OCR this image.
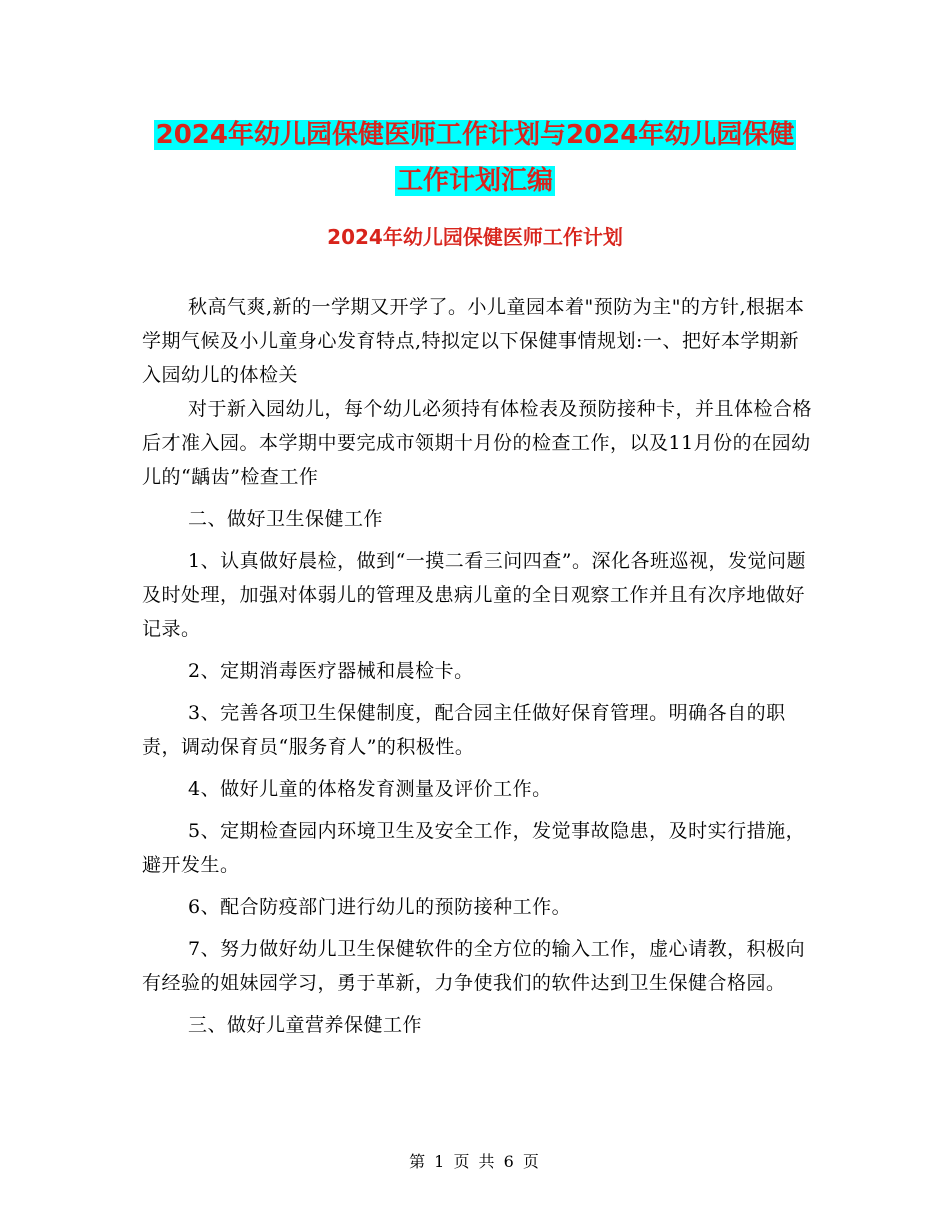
2024年幼儿园保健医师工作计划与2024年幼儿园保健
工作计划汇编
2024年幼儿园保健医师工作计划

秋高气爽,新的一学期又开学了。小儿童园本着"预防为主"的方针,根据本学期气候及小儿童身心发育特点,特拟定以下保健事情规划:一、把好本学期新入园幼儿的体检关

对于新入园幼儿，每个幼儿必须持有体检表及预防接种卡，并且体检合格后才准入园。本学期中要完成市领期十月份的检查工作，以及11月份的在园幼儿的“龋齿”检查工作

二、做好卫生保健工作

1、认真做好晨检，做到“一摸二看三问四查”。深化各班巡视，发觉问题及时处理，加强对体弱儿的管理及患病儿童的全日观察工作并且有次序地做好记录。

2、定期消毒医疗器械和晨检卡。

3、完善各项卫生保健制度，配合园主任做好保育管理。明确各自的职责，调动保育员“服务育人”的积极性。

4、做好儿童的体格发育测量及评价工作。

5、定期检查园内环境卫生及安全工作，发觉事故隐患，及时实行措施，避开发生。

6、配合防疫部门进行幼儿的预防接种工作。

7、努力做好幼儿卫生保健软件的全方位的输入工作，虚心请教，积极向有经验的姐妹园学习，勇于革新，力争使我们的软件达到卫生保健合格园。

三、做好儿童营养保健工作

第 1 页 共 6 页
